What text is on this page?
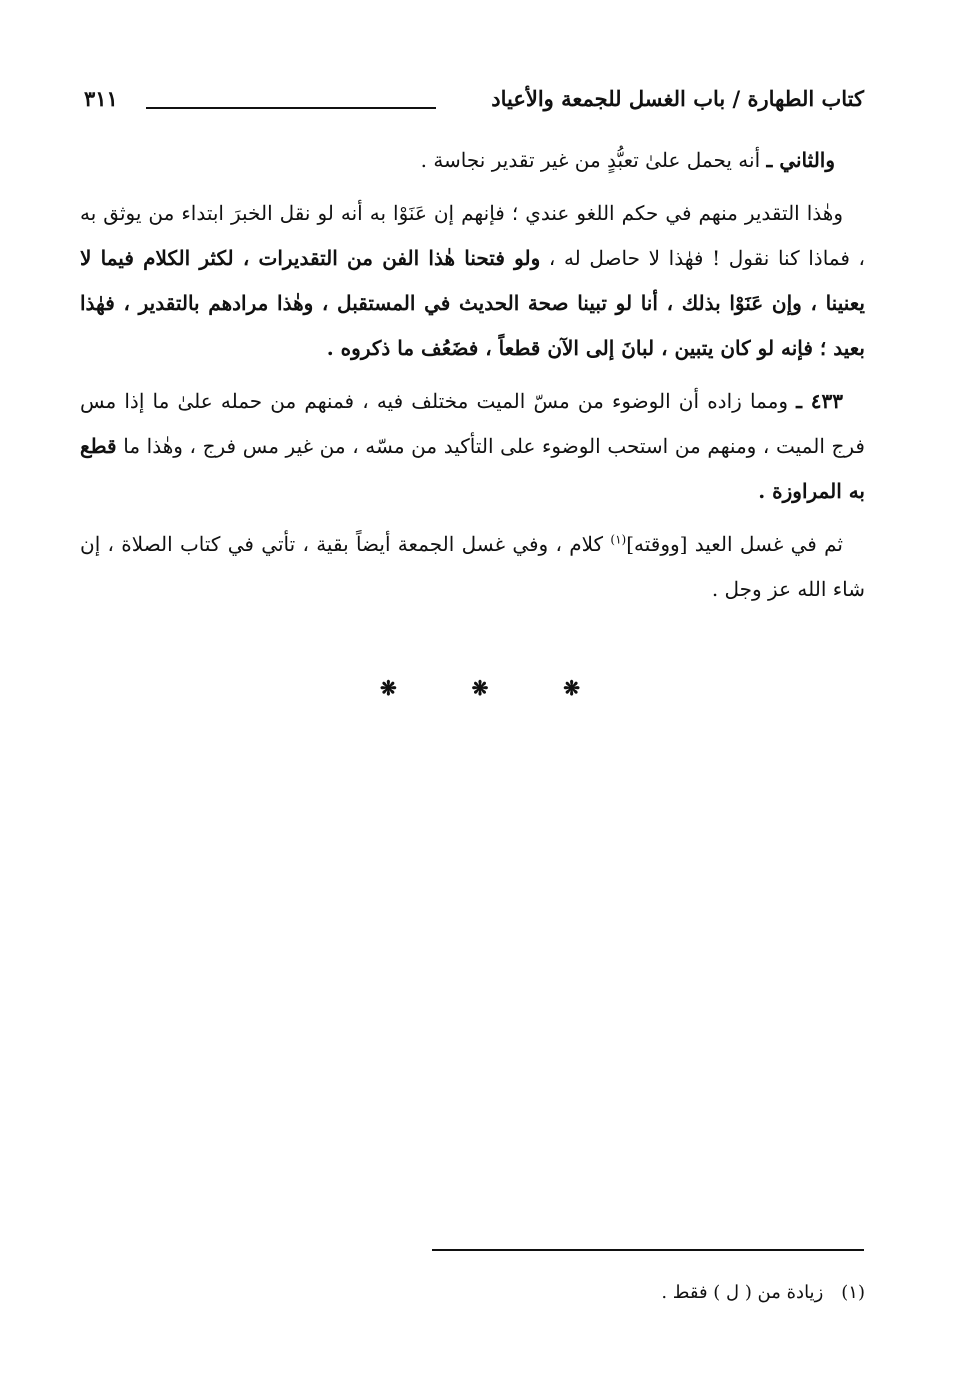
كتاب الطهارة / باب الغسل للجمعة والأعياد
٣١١

والثاني ـ أنه يحمل علىٰ تعبُّدٍ من غير تقدير نجاسة .

وهٰذا التقدير منهم في حكم اللغو عندي ؛ فإنهم إن عَنَوْا به أنه لو نقل الخبرَ ابتداء من يوثق به ، فماذا كنا نقول ! فهٰذا لا حاصل له ، ولو فتحنا هٰذا الفن من التقديرات ، لكثر الكلام فيما لا يعنينا ، وإن عَنَوْا بذلك ، أنا لو تبينا صحة الحديث في المستقبل ، وهٰذا مرادهم بالتقدير ، فهٰذا بعيد ؛ فإنه لو كان يتبين ، لبانَ إلى الآن قطعاً ، فضَعُف ما ذكروه .

٤٣٣ ـ ومما زاده أن الوضوء من مسّ الميت مختلف فيه ، فمنهم من حمله علىٰ ما إذا مس فرج الميت ، ومنهم من استحب الوضوء على التأكيد من مسّه ، من غير مس فرج ، وهٰذا ما قطع به المراوزة .

ثم في غسل العيد [ووقته]$^{(١)}$ كلام ، وفي غسل الجمعة أيضاً بقية ، تأتي في كتاب الصلاة ، إن شاء الله عز وجل .

❋	❋	❋
(١)زيادة من ( ل ) فقط .
